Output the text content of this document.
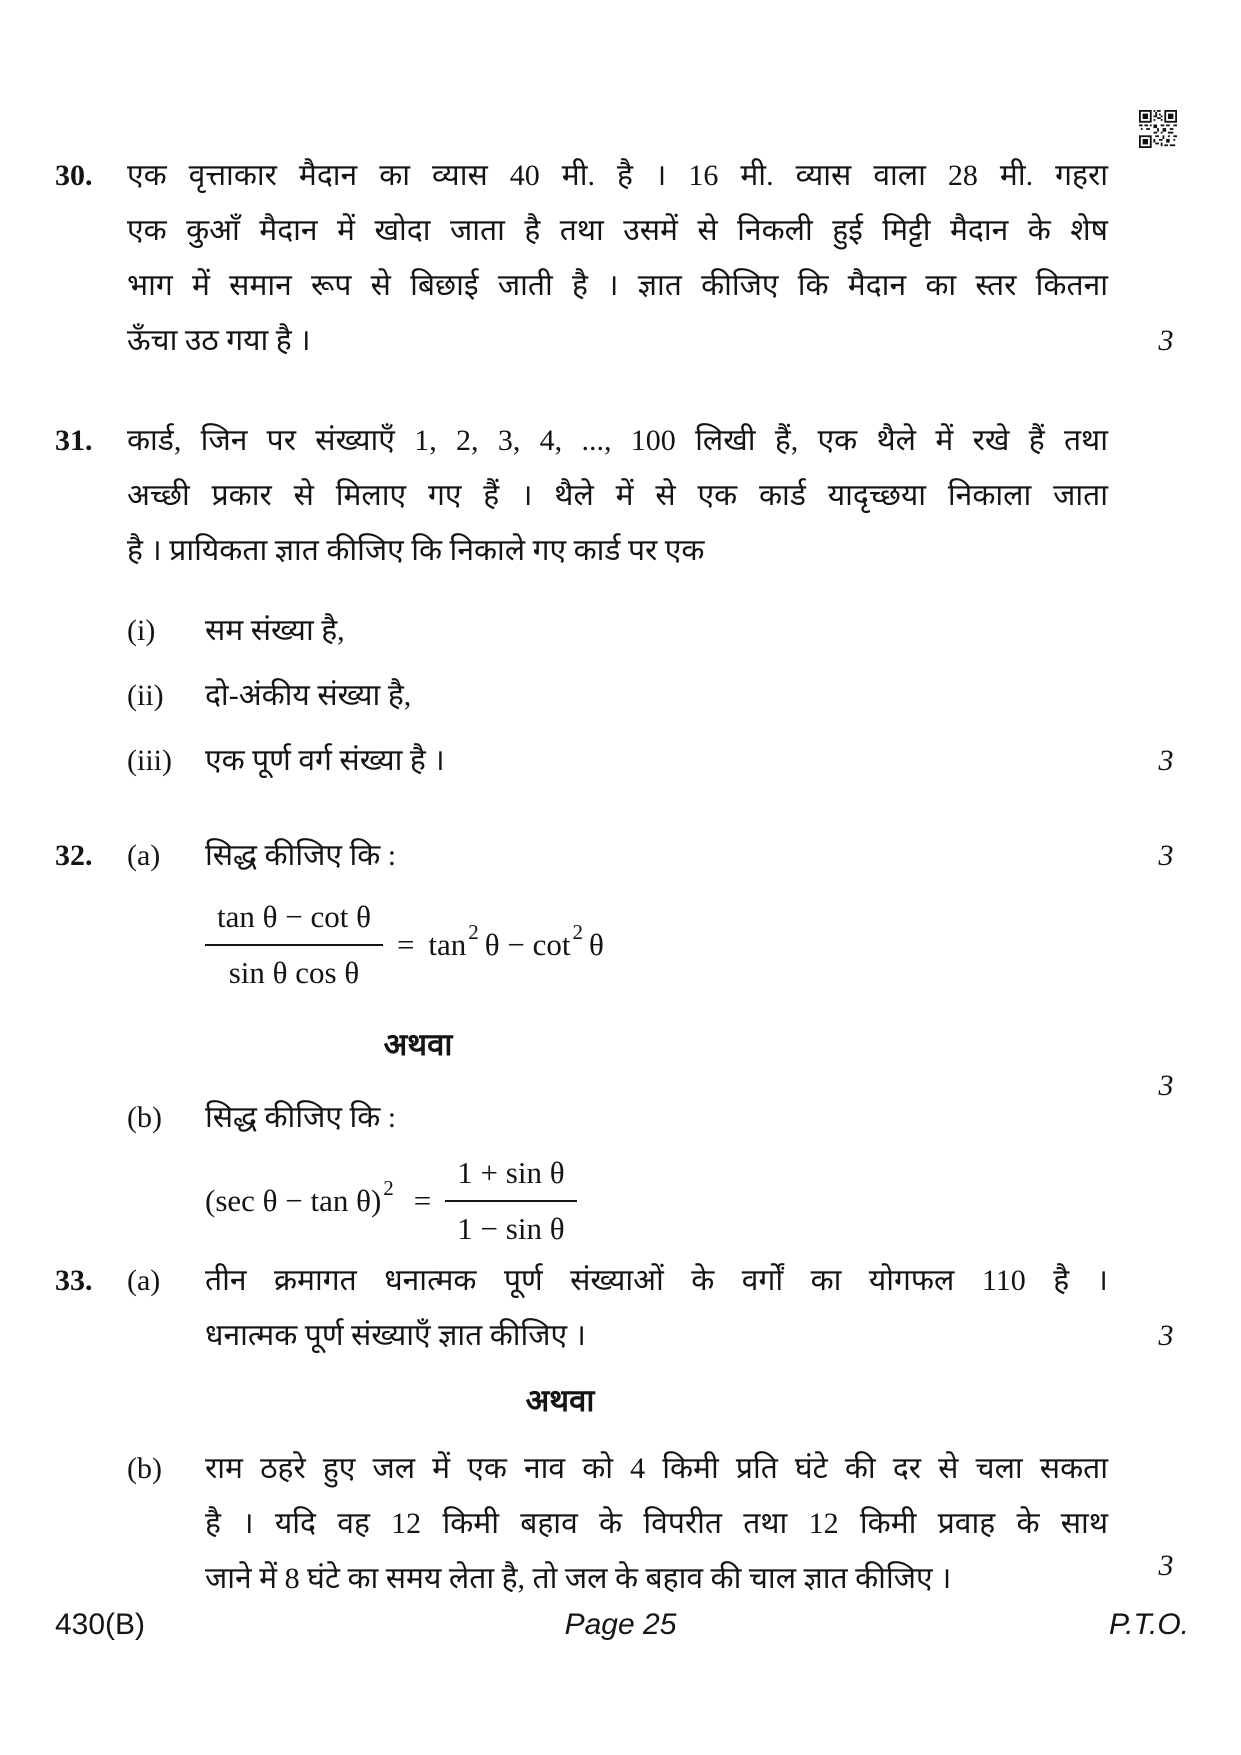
30.	एक वृत्ताकार मैदान का व्यास 40 मी. है । 16 मी. व्यास वाला 28 मी. गहरा
एक कुआँ मैदान में खोदा जाता है तथा उसमें से निकली हुई मिट्टी मैदान के शेष
भाग में समान रूप से बिछाई जाती है । ज्ञात कीजिए कि मैदान का स्तर कितना
ऊँचा उठ गया है ।	3
31.	कार्ड, जिन पर संख्याएँ 1, 2, 3, 4, ..., 100 लिखी हैं, एक थैले में रखे हैं तथा
अच्छी प्रकार से मिलाए गए हैं । थैले में से एक कार्ड यादृच्छया निकाला जाता
है । प्रायिकता ज्ञात कीजिए कि निकाले गए कार्ड पर एक
(i)	सम संख्या है,
(ii)	दो-अंकीय संख्या है,
(iii)	एक पूर्ण वर्ग संख्या है ।	3
32.	(a)	सिद्ध कीजिए कि :
$\frac{\text{tan θ − cot θ}}{\text{sin θ cos θ}} = \tan 2$ θ − cot 2 θ
अथवा
(b)	सिद्ध कीजिए कि :
(sec θ − tan θ) $2 = \frac{\text{1 + sin θ}}{\text{1 − sin θ}}$
3
3
33.	(a)	तीन क्रमागत धनात्मक पूर्ण संख्याओं के वर्गों का योगफल 110 है ।
धनात्मक पूर्ण संख्याएँ ज्ञात कीजिए ।
अथवा
(b)	राम ठहरे हुए जल में एक नाव को 4 किमी प्रति घंटे की दर से चला सकता
है । यदि वह 12 किमी बहाव के विपरीत तथा 12 किमी प्रवाह के साथ
जाने में 8 घंटे का समय लेता है, तो जल के बहाव की चाल ज्ञात कीजिए ।
3
3
430(B)	Page 25	P.T.O.
